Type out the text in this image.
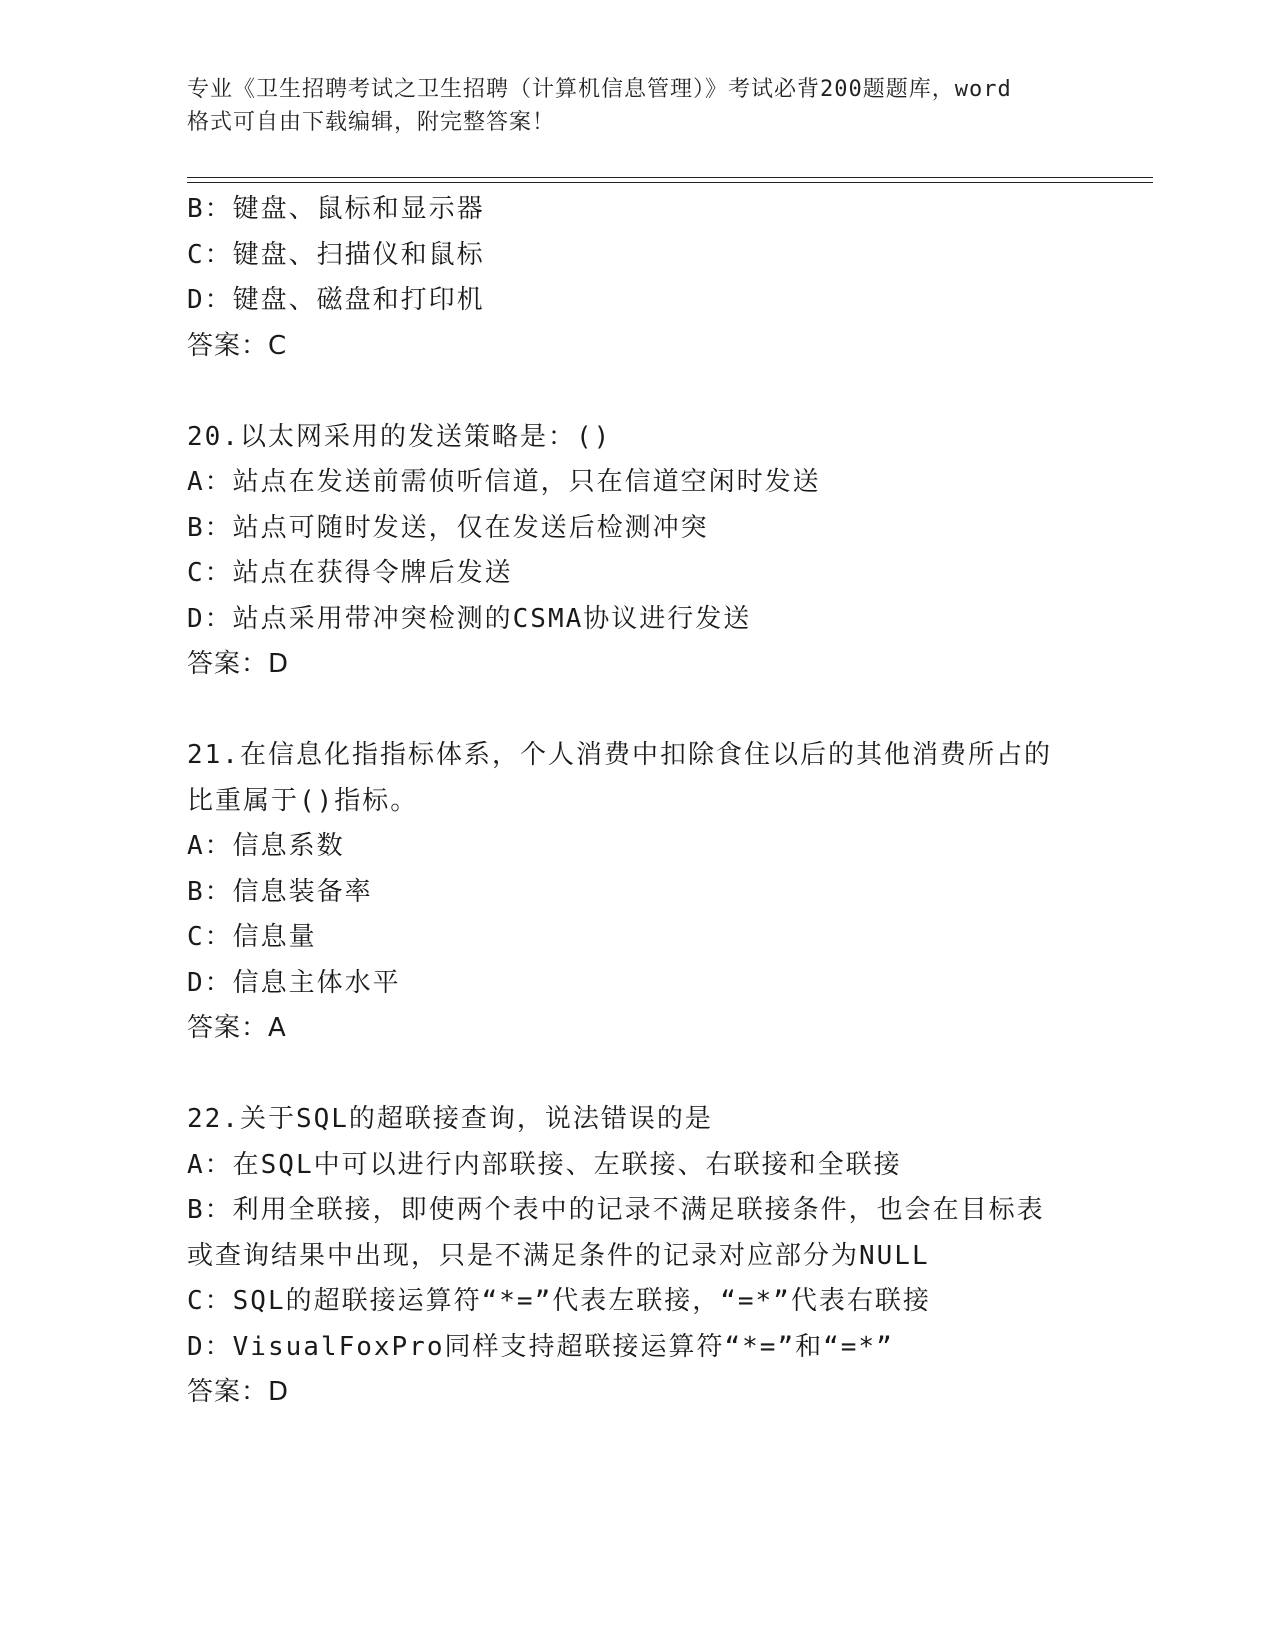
专业《卫生招聘考试之卫生招聘（计算机信息管理）》考试必背200题题库，word
格式可自由下载编辑，附完整答案！
B：键盘、鼠标和显示器
C：键盘、扫描仪和鼠标
D：键盘、磁盘和打印机
答案：C
20.以太网采用的发送策略是：()
A：站点在发送前需侦听信道，只在信道空闲时发送
B：站点可随时发送，仅在发送后检测冲突
C：站点在获得令牌后发送
D：站点采用带冲突检测的CSMA协议进行发送
答案：D
21.在信息化指指标体系，个人消费中扣除食住以后的其他消费所占的
比重属于()指标。
A：信息系数
B：信息装备率
C：信息量
D：信息主体水平
答案：A
22.关于SQL的超联接查询，说法错误的是
A：在SQL中可以进行内部联接、左联接、右联接和全联接
B：利用全联接，即使两个表中的记录不满足联接条件，也会在目标表
或查询结果中出现，只是不满足条件的记录对应部分为NULL
C：SQL的超联接运算符“*=”代表左联接，“=*”代表右联接
D：VisualFoxPro同样支持超联接运算符“*=”和“=*”
答案：D
